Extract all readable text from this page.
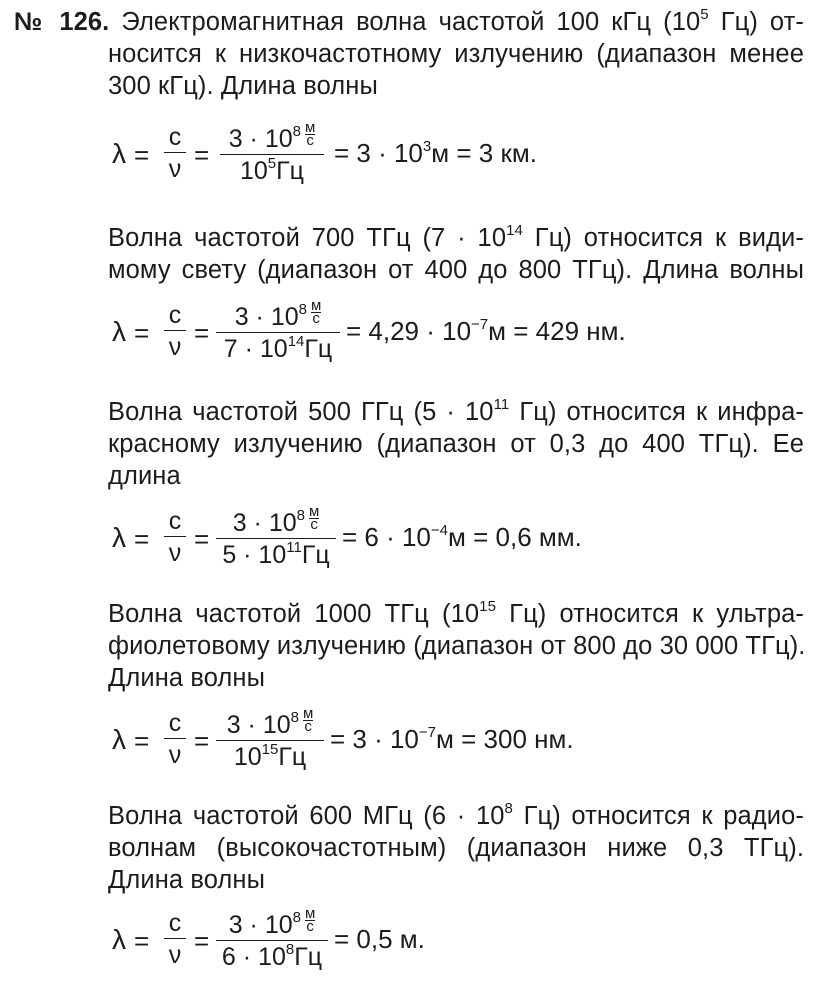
№ 126. Электромагнитная волна частотой 100 кГц ($10^5$ Гц) от-
носится к низкочастотному излучению (диапазон менее
300 кГц). Длина волны
λ =
c
ν =
$3 \cdot 10^8 \frac{м}{с}$
$10^5Гц$
= $3 \cdot 10^3м = 3$ км.
Волна частотой 700 ТГц ($7 \cdot 10^{14}$ Гц) относится к види-
мому свету (диапазон от 400 до 800 ТГц). Длина волны
λ =
c
ν =
$3 \cdot 10^8 \frac{м}{с}$
$7 \cdot 10^{14}Гц$
= $4,29 \cdot 10^{-7}м = 429$ нм.
Волна частотой 500 ГГц ($5 \cdot 10^{11}$ Гц) относится к инфра-
красному излучению (диапазон от 0,3 до 400 ТГц). Ее
длина
λ =
c
ν =
$3 \cdot 10^8 \frac{м}{с}$
$5 \cdot 10^{11}Гц$
= $6 \cdot 10^{-4}м = 0,6$ мм.
Волна частотой 1000 ТГц ($10^{15}$ Гц) относится к ультра-
фиолетовому излучению (диапазон от 800 до 30 000 ТГц).
Длина волны
λ =
c
ν =
$3 \cdot 10^8 \frac{м}{с}$
$10^{15}Гц$
= $3 \cdot 10^{-7}м = 300$ нм.
Волна частотой 600 МГц ($6 \cdot 10^8$ Гц) относится к радио-
волнам (высокочастотным) (диапазон ниже 0,3 ТГц).
Длина волны
λ =
c
ν =
$3 \cdot 10^8 \frac{м}{с}$
$6 \cdot 10^8Гц$
= 0,5 м.
